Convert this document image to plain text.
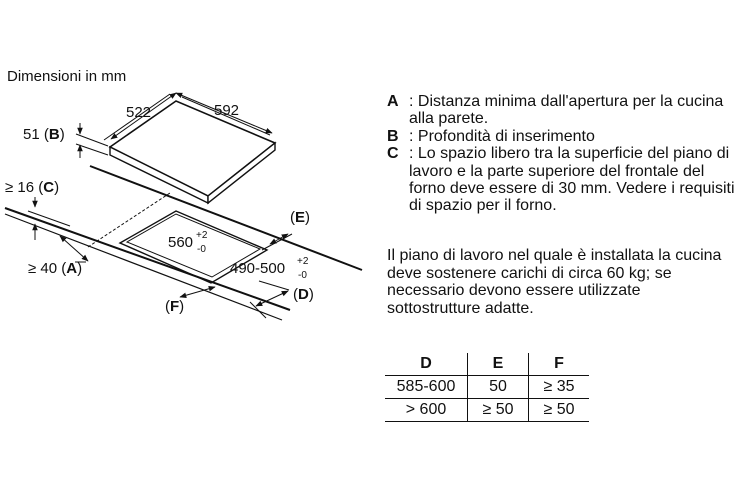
Dimensioni in mm
522	592
51 (B)
≥ 16 (C)
≥ 40 (A)
(E)
(D)
(F)
560 +2
-0
490-500 +2
-0
A : Distanza minima dall'apertura per la cucina alla parete.
B : Profondità di inserimento
C : Lo spazio libero tra la superficie del piano di lavoro e la parte superiore del frontale del forno deve essere di 30 mm. Vedere i requisiti di spazio per il forno.
Il piano di lavoro nel quale è installata la cucina deve sostenere carichi di circa 60 kg; se necessario devono essere utilizzate sottostrutture adatte.
D	E	F
585-600	50	≥ 35
> 600	≥ 50	≥ 50
